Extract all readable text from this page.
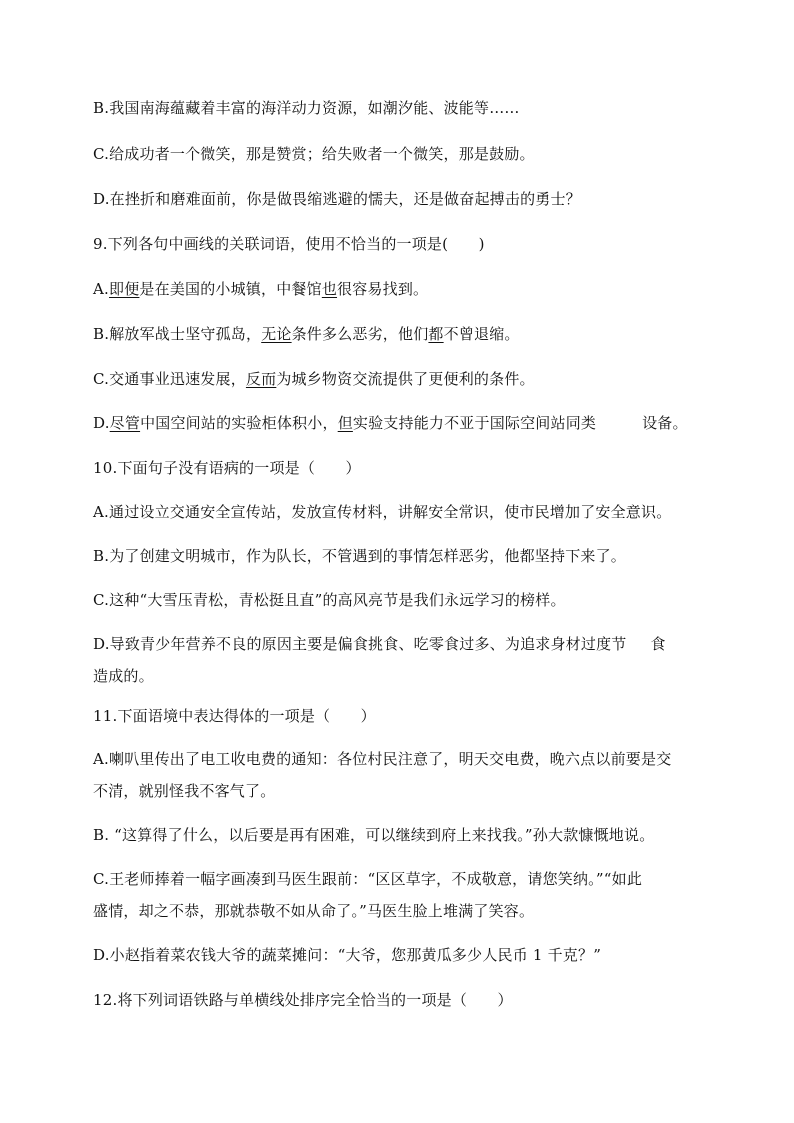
B.我国南海蕴藏着丰富的海洋动力资源，如潮汐能、波能等……
C.给成功者一个微笑，那是赞赏；给失败者一个微笑，那是鼓励。
D.在挫折和磨难面前，你是做畏缩逃避的懦夫，还是做奋起搏击的勇士？
9.下列各句中画线的关联词语，使用不恰当的一项是(　　)
A.即便是在美国的小城镇，中餐馆也很容易找到。
B.解放军战士坚守孤岛，无论条件多么恶劣，他们都不曾退缩。
C.交通事业迅速发展，反而为城乡物资交流提供了更便利的条件。
D.尽管中国空间站的实验柜体积小，但实验支持能力不亚于国际空间站同类	设备。
10.下面句子没有语病的一项是（　　）
A.通过设立交通安全宣传站，发放宣传材料，讲解安全常识，使市民增加了安全意识。
B.为了创建文明城市，作为队长，不管遇到的事情怎样恶劣，他都坚持下来了。
C.这种“大雪压青松，青松挺且直”的高风亮节是我们永远学习的榜样。
D.导致青少年营养不良的原因主要是偏食挑食、吃零食过多、为追求身材过度节 食
造成的。
11.下面语境中表达得体的一项是（　　）
A.喇叭里传出了电工收电费的通知：各位村民注意了，明天交电费，晚六点以前要是交
不清，就别怪我不客气了。
B. “这算得了什么，以后要是再有困难，可以继续到府上来找我。”孙大款慷慨地说。
C.王老师捧着一幅字画凑到马医生跟前：“区区草字，不成敬意，请您笑纳。”“如此
盛情，却之不恭，那就恭敬不如从命了。”马医生脸上堆满了笑容。
D.小赵指着菜农钱大爷的蔬菜摊问：“大爷，您那黄瓜多少人民币 1 千克？”
12.将下列词语铁路与单横线处排序完全恰当的一项是（　　）
